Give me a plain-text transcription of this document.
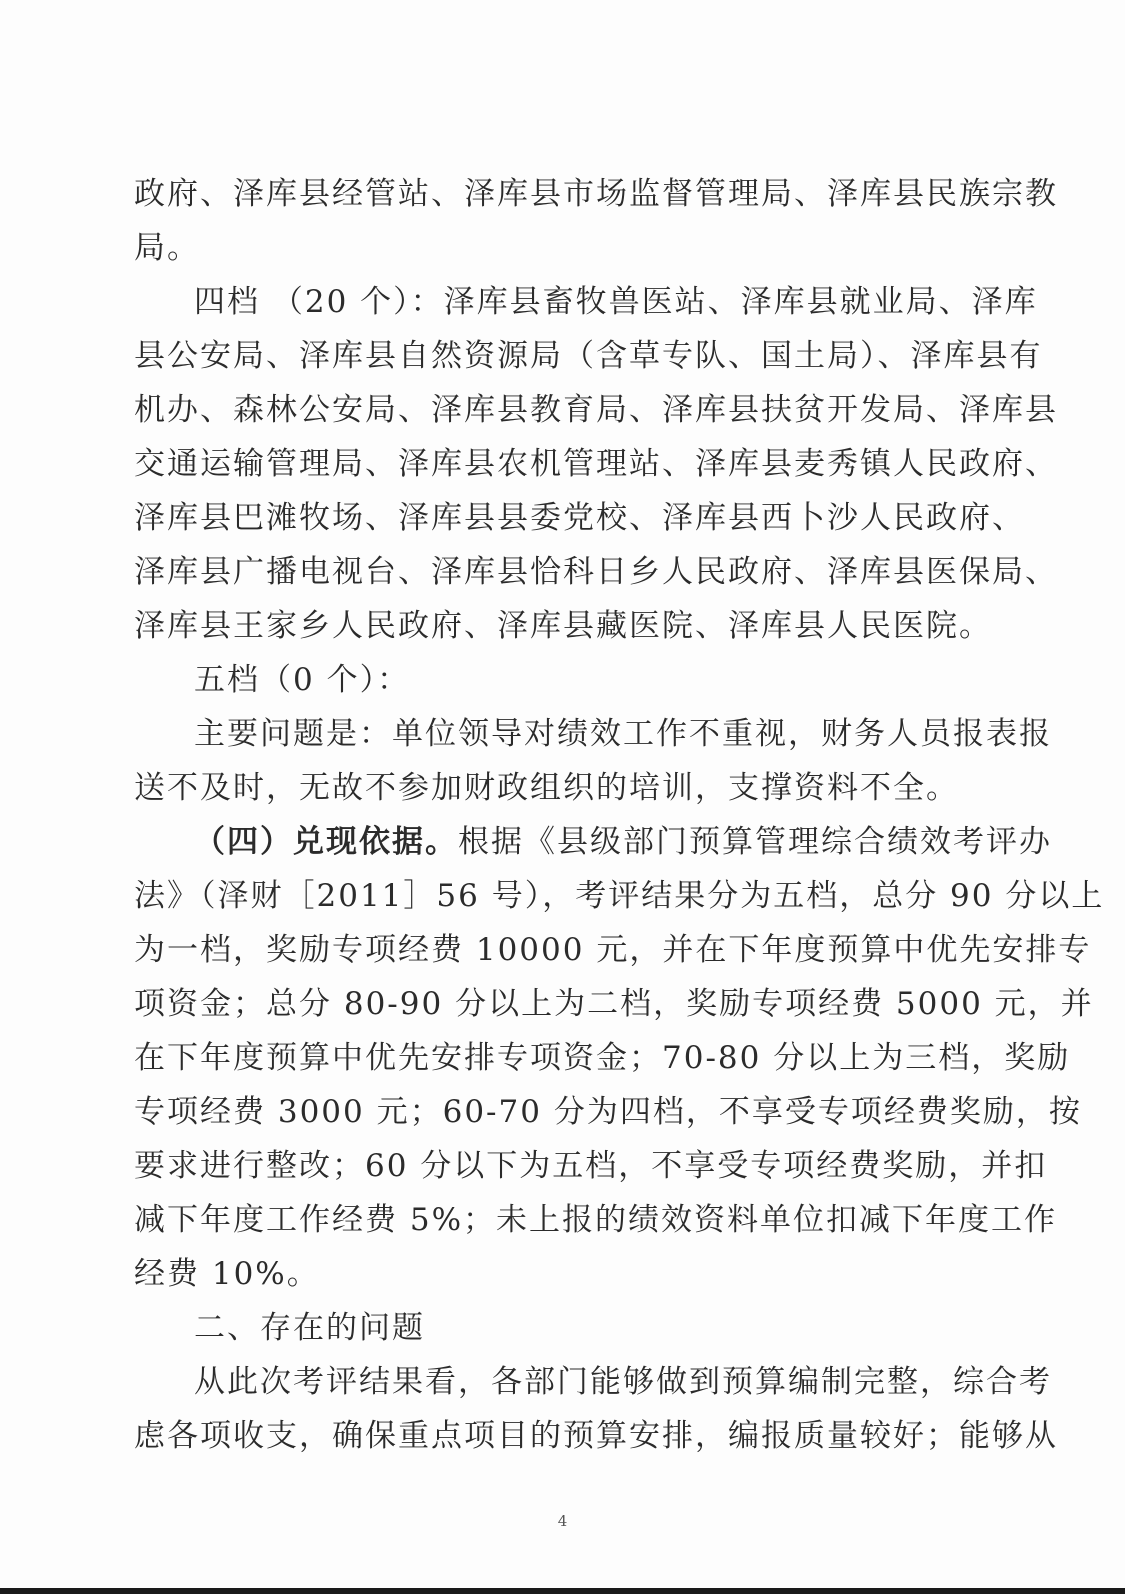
政府、泽库县经管站、泽库县市场监督管理局、泽库县民族宗教
局。
四档 （20 个）：泽库县畜牧兽医站、泽库县就业局、泽库
县公安局、泽库县自然资源局（含草专队、国土局）、泽库县有
机办、森林公安局、泽库县教育局、泽库县扶贫开发局、泽库县
交通运输管理局、泽库县农机管理站、泽库县麦秀镇人民政府、
泽库县巴滩牧场、泽库县县委党校、泽库县西卜沙人民政府、
泽库县广播电视台、泽库县恰科日乡人民政府、泽库县医保局、
泽库县王家乡人民政府、泽库县藏医院、泽库县人民医院。
五档（0 个）：
主要问题是：单位领导对绩效工作不重视，财务人员报表报
送不及时，无故不参加财政组织的培训，支撑资料不全。
（四）兑现依据。根据《县级部门预算管理综合绩效考评办
法》（泽财［2011］56 号），考评结果分为五档，总分 90 分以上
为一档，奖励专项经费 10000 元，并在下年度预算中优先安排专
项资金；总分 80-90 分以上为二档，奖励专项经费 5000 元，并
在下年度预算中优先安排专项资金；70-80 分以上为三档，奖励
专项经费 3000 元；60-70 分为四档，不享受专项经费奖励，按
要求进行整改；60 分以下为五档，不享受专项经费奖励，并扣
减下年度工作经费 5%；未上报的绩效资料单位扣减下年度工作
经费 10%。
二、存在的问题
从此次考评结果看，各部门能够做到预算编制完整，综合考
虑各项收支，确保重点项目的预算安排，编报质量较好；能够从
4
